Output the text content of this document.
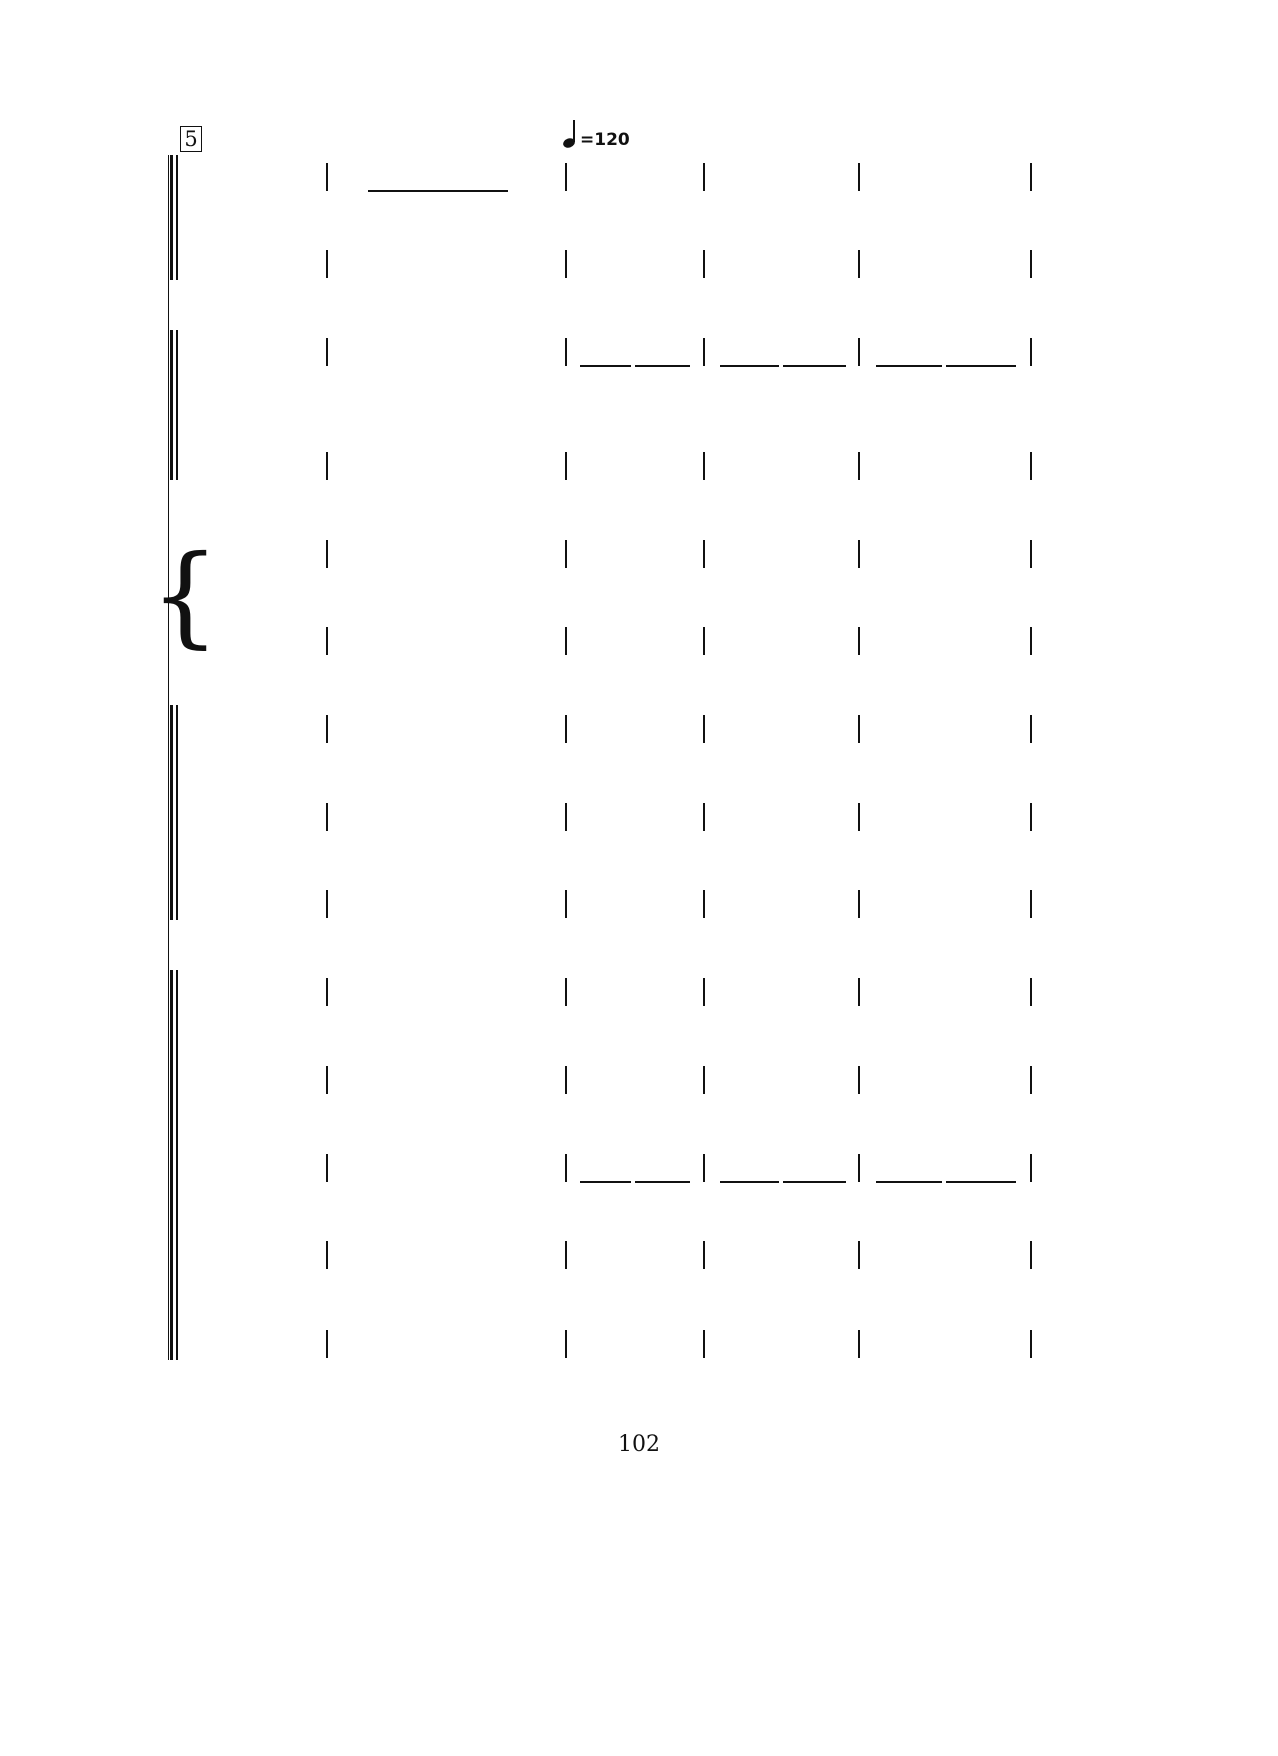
5	=120
{
102
